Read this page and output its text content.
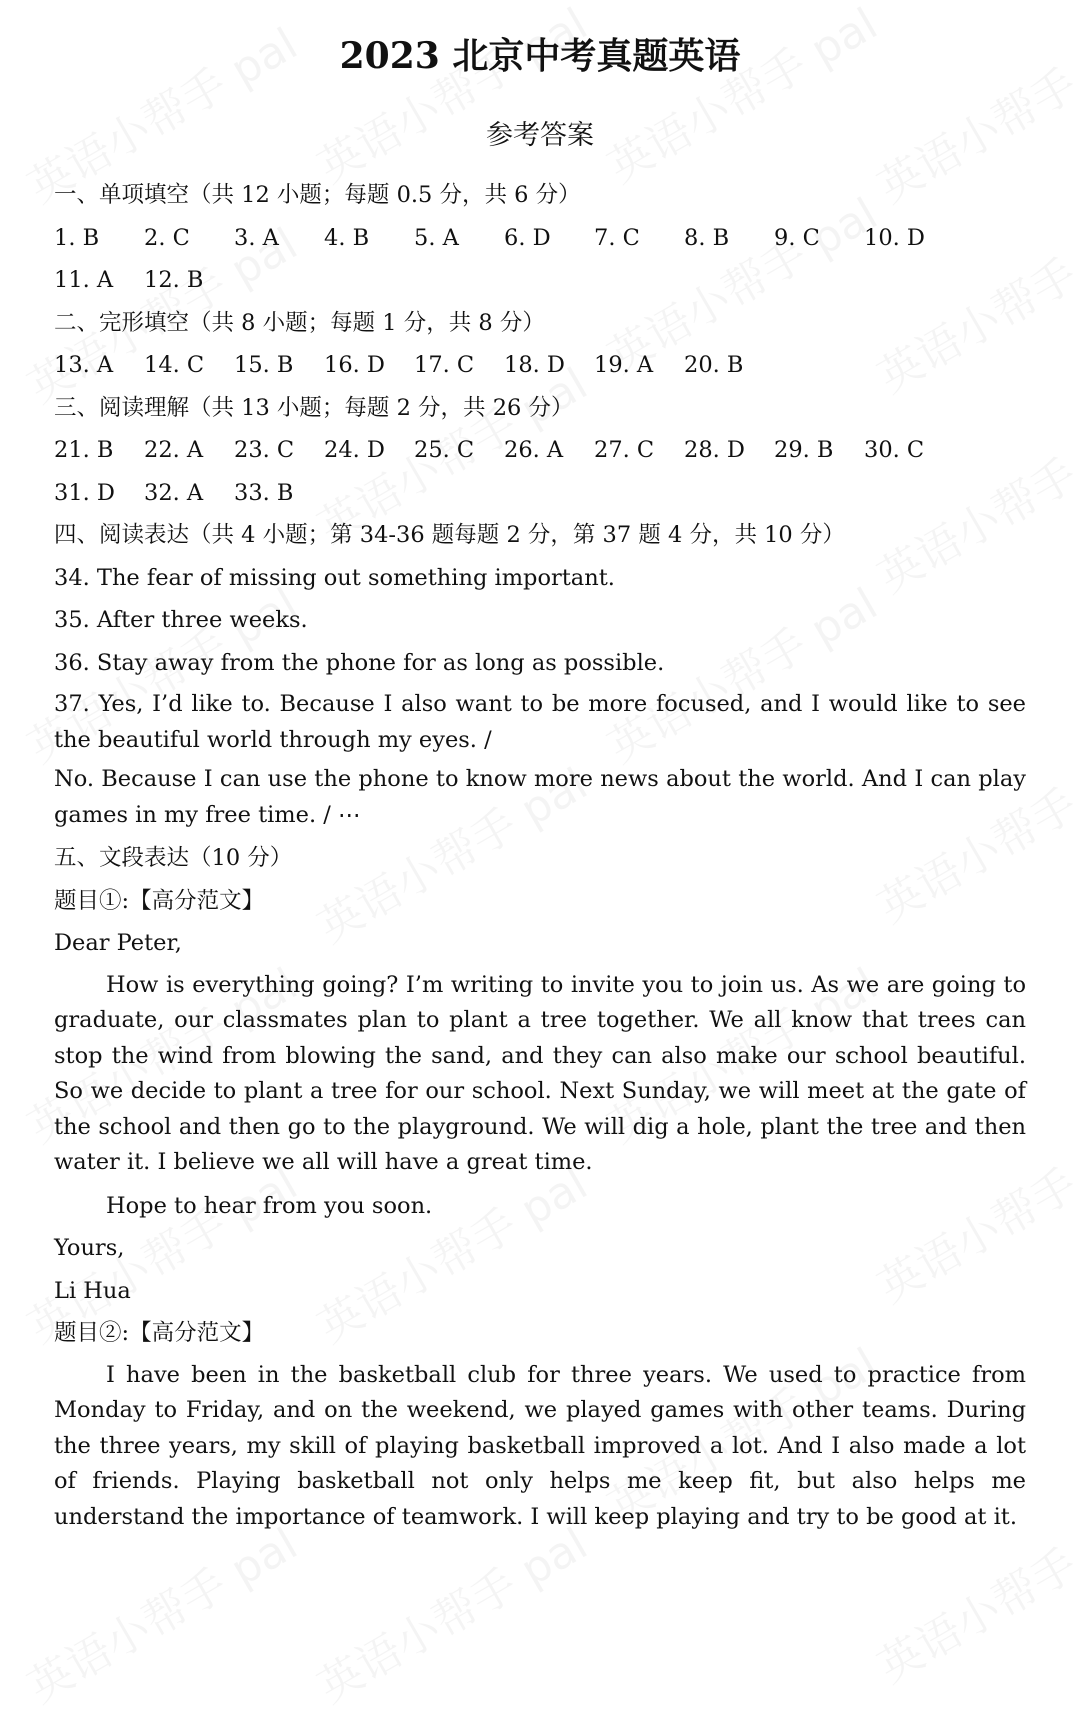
2023 北京中考真题英语
参考答案
一、单项填空（共 12 小题；每题 0.5 分，共 6 分）
1. B 2. C 3. A 4. B 5. A 6. D 7. C 8. B 9. C 10. D
11. A 12. B
二、完形填空（共 8 小题；每题 1 分，共 8 分）
13. A 14. C 15. B 16. D 17. C 18. D 19. A 20. B
三、阅读理解（共 13 小题；每题 2 分，共 26 分）
21. B 22. A 23. C 24. D 25. C 26. A 27. C 28. D 29. B 30. C
31. D 32. A 33. B
四、阅读表达（共 4 小题；第 34-36 题每题 2 分，第 37 题 4 分，共 10 分）
34. The fear of missing out something important.
35. After three weeks.
36. Stay away from the phone for as long as possible.
37. Yes, I’d like to. Because I also want to be more focused, and I would like to see the beautiful world through my eyes. /
No. Because I can use the phone to know more news about the world. And I can play games in my free time. / ⋯
五、文段表达（10 分）
题目①:【高分范文】
Dear Peter,
How is everything going? I’m writing to invite you to join us. As we are going to graduate, our classmates plan to plant a tree together. We all know that trees can stop the wind from blowing the sand, and they can also make our school beautiful. So we decide to plant a tree for our school. Next Sunday, we will meet at the gate of the school and then go to the playground. We will dig a hole, plant the tree and then water it. I believe we all will have a great time.
Hope to hear from you soon.
Yours,
Li Hua
题目②:【高分范文】
I have been in the basketball club for three years. We used to practice from Monday to Friday, and on the weekend, we played games with other teams. During the three years, my skill of playing basketball improved a lot. And I also made a lot of friends. Playing basketball not only helps me keep fit, but also helps me understand the importance of teamwork. I will keep playing and try to be good at it.
